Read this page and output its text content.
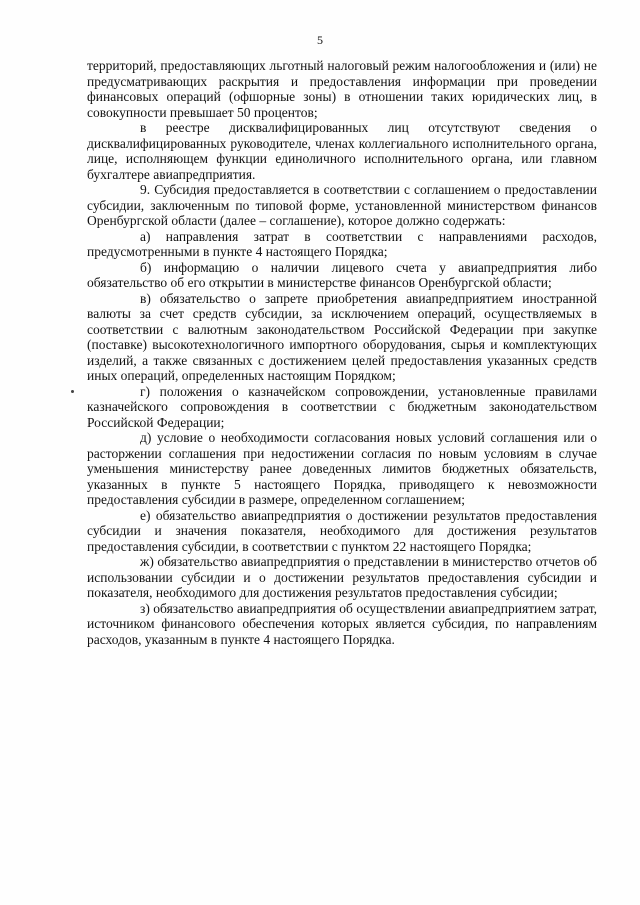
5

территорий, предоставляющих льготный налоговый режим налогообложения и (или) не предусматривающих раскрытия и предоставления информации при проведении финансовых операций (офшорные зоны) в отношении таких юридических лиц, в совокупности превышает 50 процентов;

в реестре дисквалифицированных лиц отсутствуют сведения о дисквалифицированных руководителе, членах коллегиального исполнительного органа, лице, исполняющем функции единоличного исполнительного органа, или главном бухгалтере авиапредприятия.

9. Субсидия предоставляется в соответствии с соглашением о предоставлении субсидии, заключенным по типовой форме, установленной министерством финансов Оренбургской области (далее – соглашение), которое должно содержать:

а) направления затрат в соответствии с направлениями расходов, предусмотренными в пункте 4 настоящего Порядка;

б) информацию о наличии лицевого счета у авиапредприятия либо обязательство об его открытии в министерстве финансов Оренбургской области;

в) обязательство о запрете приобретения авиапредприятием иностранной валюты за счет средств субсидии, за исключением операций, осуществляемых в соответствии с валютным законодательством Российской Федерации при закупке (поставке) высокотехнологичного импортного оборудования, сырья и комплектующих изделий, а также связанных с достижением целей предоставления указанных средств иных операций, определенных настоящим Порядком;

г) положения о казначейском сопровождении, установленные правилами казначейского сопровождения в соответствии с бюджетным законодательством Российской Федерации;

д) условие о необходимости согласования новых условий соглашения или о расторжении соглашения при недостижении согласия по новым условиям в случае уменьшения министерству ранее доведенных лимитов бюджетных обязательств, указанных в пункте 5 настоящего Порядка, приводящего к невозможности предоставления субсидии в размере, определенном соглашением;

е) обязательство авиапредприятия о достижении результатов предоставления субсидии и значения показателя, необходимого для достижения результатов предоставления субсидии, в соответствии с пунктом 22 настоящего Порядка;

ж) обязательство авиапредприятия о представлении в министерство отчетов об использовании субсидии и о достижении результатов предоставления субсидии и показателя, необходимого для достижения результатов предоставления субсидии;

з) обязательство авиапредприятия об осуществлении авиапредприятием затрат, источником финансового обеспечения которых является субсидия, по направлениям расходов, указанным в пункте 4 настоящего Порядка.
